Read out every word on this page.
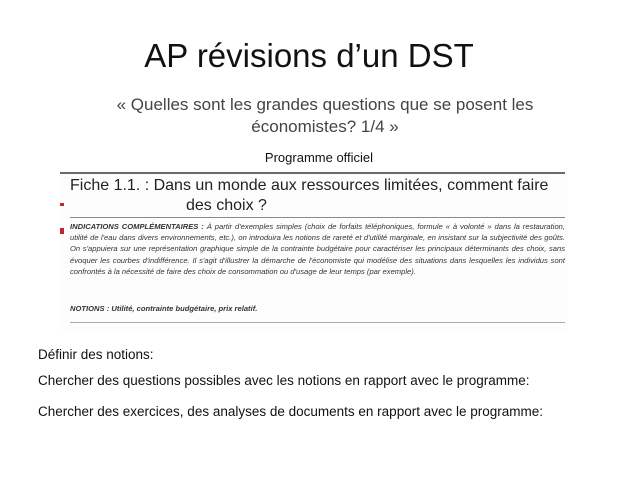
AP révisions d’un DST
« Quelles sont les grandes questions que se posent les économistes? 1/4 »
Programme officiel
Fiche 1.1. : Dans un monde aux ressources limitées, comment faire
des choix ?
INDICATIONS COMPLÉMENTAIRES : À partir d'exemples simples (choix de forfaits téléphoniques, formule « à volonté » dans la restauration, utilité de l'eau dans divers environnements, etc.), on introduira les notions de rareté et d'utilité marginale, en insistant sur la subjectivité des goûts. On s'appuiera sur une représentation graphique simple de la contrainte budgétaire pour caractériser les principaux déterminants des choix, sans évoquer les courbes d'indifférence. Il s'agit d'illustrer la démarche de l'économiste qui modélise des situations dans lesquelles les individus sont confrontés à la nécessité de faire des choix de consommation ou d'usage de leur temps (par exemple).
NOTIONS : Utilité, contrainte budgétaire, prix relatif.
Définir des notions:
Chercher des questions possibles avec les notions en rapport avec le programme:
Chercher des exercices, des analyses de documents en rapport avec le programme:
